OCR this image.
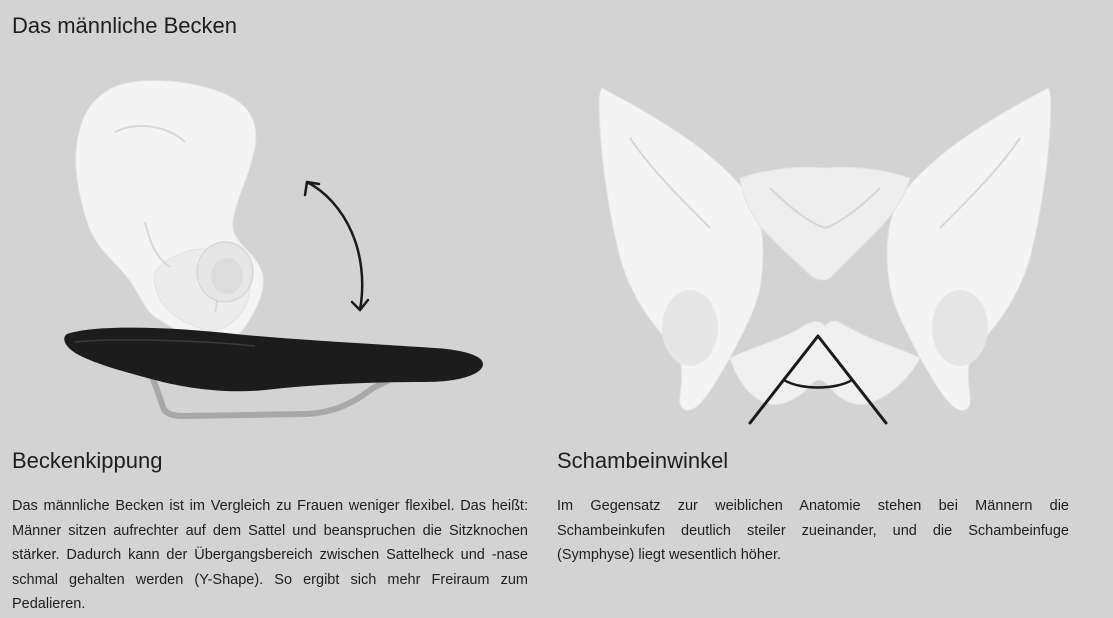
Das männliche Becken
Beckenkippung

Das männliche Becken ist im Vergleich zu Frauen weniger flexibel. Das heißt: Männer sitzen aufrechter auf dem Sattel und beanspruchen die Sitzknochen stärker. Dadurch kann der Übergangsbereich zwischen Sattelheck und -nase schmal gehalten werden (Y-Shape). So ergibt sich mehr Freiraum zum Pedalieren.

Schambeinwinkel

Im Gegensatz zur weiblichen Anatomie stehen bei Männern die Schambeinkufen deutlich steiler zueinander, und die Schambeinfuge (Symphyse) liegt wesentlich höher.
